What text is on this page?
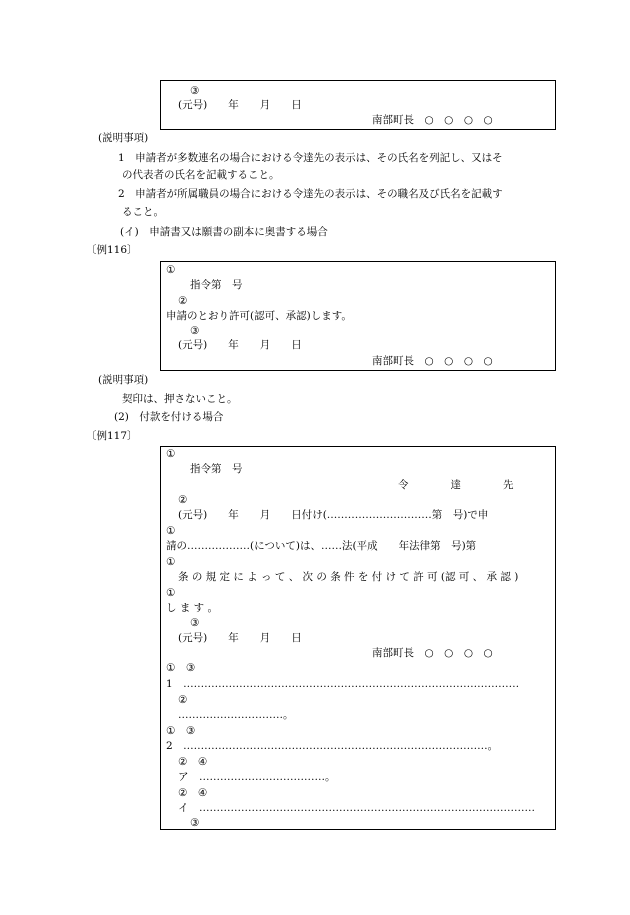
③
(元号)　　年　　月　　日
南部町長　○　○　○　○
(説明事項)
1　申請者が多数連名の場合における令達先の表示は、その氏名を列記し、又はそ
の代表者の氏名を記載すること。
2　申請者が所属職員の場合における令達先の表示は、その職名及び氏名を記載す
ること。
(イ)　申請書又は願書の副本に奥書する場合
〔例116〕
①
指令第　号
②
申請のとおり許可(認可、承認)します。
③
(元号)　　年　　月　　日
南部町長　○　○　○　○
(説明事項)
契印は、押さないこと。
(2)　付款を付ける場合
〔例117〕
①
指令第　号
令　　　　達　　　　先
②
(元号)　　年　　月　　日付け(…………………………第　号)で申
①
請の………………(について)は、……法(平成　　年法律第　号)第
①
条 の 規 定 に よ っ て 、 次 の 条 件 を 付 け て 許 可 (認 可 、 承 認 )
①
し ま す 。
③
(元号)　　年　　月　　日
南部町長　○　○　○　○
①　③
1　……………………………………………………………………………………
②
…………………………。
①　③
2　……………………………………………………………………………。
②　④
ア　………………………………。
②　④
イ　……………………………………………………………………………………
③
